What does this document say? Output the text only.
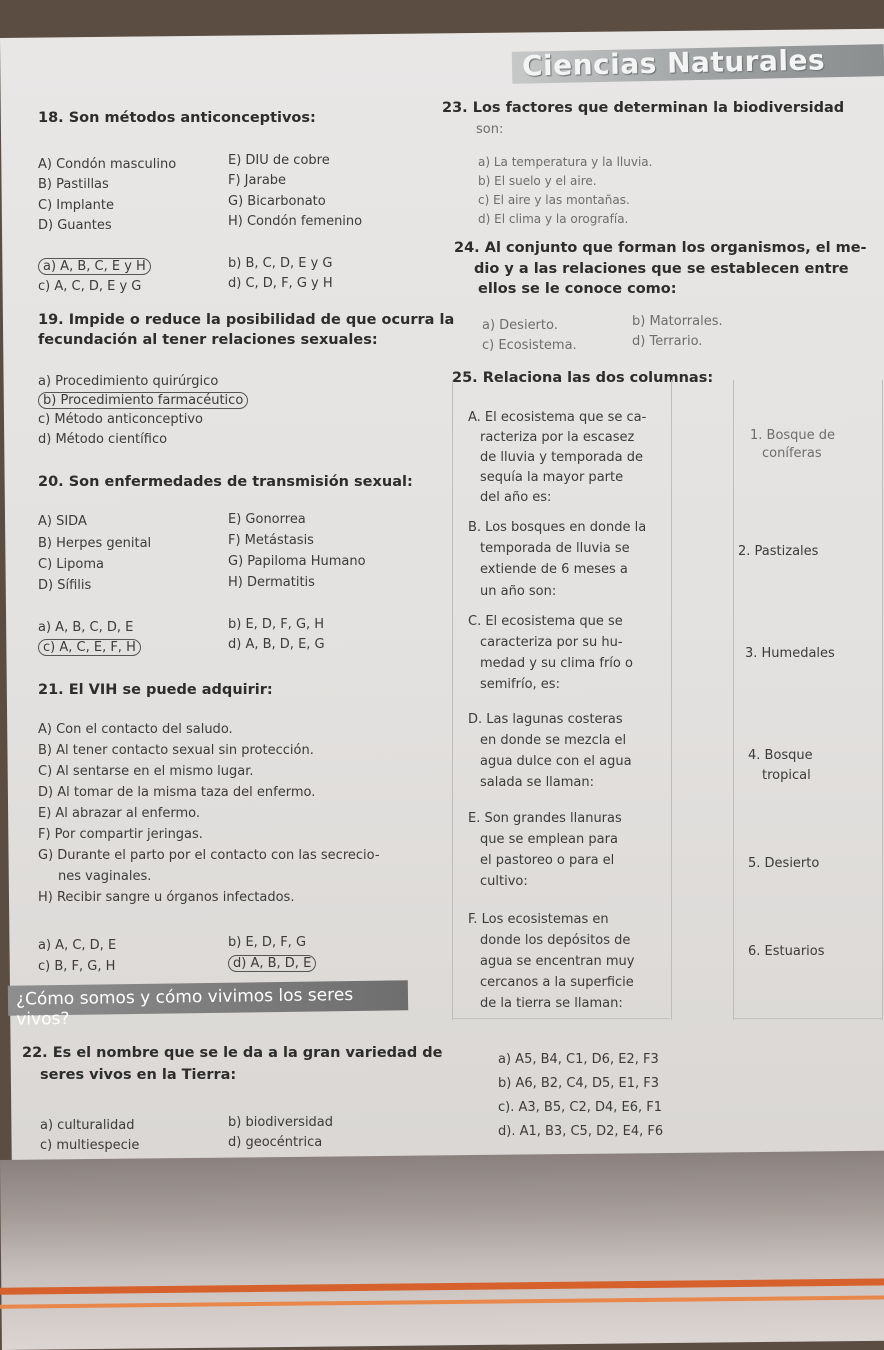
Ciencias Naturales
18. Son métodos anticonceptivos:
A) Condón masculino
B) Pastillas
C) Implante
D) Guantes
E) DIU de cobre
F) Jarabe
G) Bicarbonato
H) Condón femenino
a) A, B, C, E y H	b) B, C, D, E y G
c) A, C, D, E y G	d) C, D, F, G y H
19. Impide o reduce la posibilidad de que ocurra la
fecundación al tener relaciones sexuales:
a) Procedimiento quirúrgico
b) Procedimiento farmacéutico
c) Método anticonceptivo
d) Método científico
20. Son enfermedades de transmisión sexual:
A) SIDA
B) Herpes genital
C) Lipoma
D) Sífilis
E) Gonorrea
F) Metástasis
G) Papiloma Humano
H) Dermatitis
a) A, B, C, D, E	b) E, D, F, G, H
c) A, C, E, F, H	d) A, B, D, E, G
21. El VIH se puede adquirir:
A) Con el contacto del saludo.
B) Al tener contacto sexual sin protección.
C) Al sentarse en el mismo lugar.
D) Al tomar de la misma taza del enfermo.
E) Al abrazar al enfermo.
F) Por compartir jeringas.
G) Durante el parto por el contacto con las secrecio-
nes vaginales.
H) Recibir sangre u órganos infectados.
a) A, C, D, E	b) E, D, F, G
c) B, F, G, H	d) A, B, D, E
¿Cómo somos y cómo vivimos los seres vivos?
22. Es el nombre que se le da a la gran variedad de
seres vivos en la Tierra:
a) culturalidad	b) biodiversidad
c) multiespecie	d) geocéntrica
23. Los factores que determinan la biodiversidad
son:
a) La temperatura y la lluvia.
b) El suelo y el aire.
c) El aire y las montañas.
d) El clima y la orografía.
24. Al conjunto que forman los organismos, el me-
dio y a las relaciones que se establecen entre
ellos se le conoce como:
a) Desierto.	b) Matorrales.
c) Ecosistema.	d) Terrario.
25. Relaciona las dos columnas:
A. El ecosistema que se ca-
racteriza por la escasez
de lluvia y temporada de
sequía la mayor parte
del año es:
B. Los bosques en donde la
temporada de lluvia se
extiende de 6 meses a
un año son:
C. El ecosistema que se
caracteriza por su hu-
medad y su clima frío o
semifrío, es:
D. Las lagunas costeras
en donde se mezcla el
agua dulce con el agua
salada se llaman:
E. Son grandes llanuras
que se emplean para
el pastoreo o para el
cultivo:
F. Los ecosistemas en
donde los depósitos de
agua se encentran muy
cercanos a la superficie
de la tierra se llaman:
1. Bosque de
coníferas
2. Pastizales
3. Humedales
4. Bosque
tropical
5. Desierto
6. Estuarios
a) A5, B4, C1, D6, E2, F3
b) A6, B2, C4, D5, E1, F3
c). A3, B5, C2, D4, E6, F1
d). A1, B3, C5, D2, E4, F6
